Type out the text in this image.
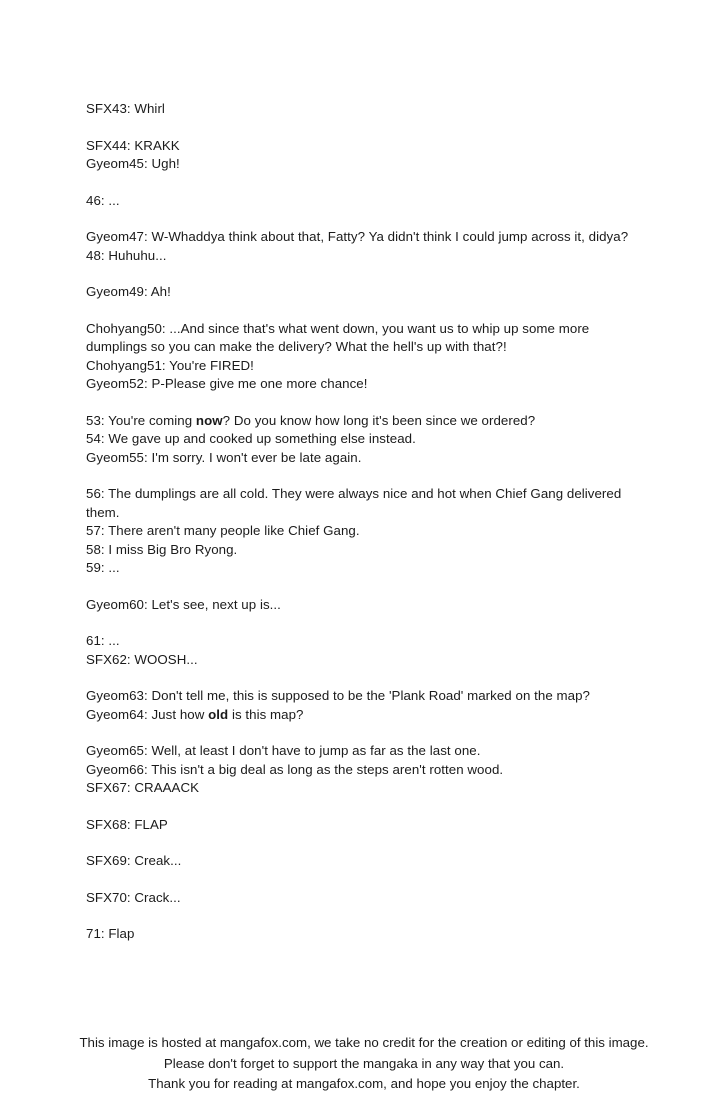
SFX43: Whirl

SFX44: KRAKK
Gyeom45: Ugh!

46: ...

Gyeom47: W-Whaddya think about that, Fatty? Ya didn't think I could jump across it, didya?
48: Huhuhu...

Gyeom49: Ah!

Chohyang50: ...And since that's what went down, you want us to whip up some more dumplings so you can make the delivery? What the hell's up with that?!
Chohyang51: You're FIRED!
Gyeom52: P-Please give me one more chance!

53: You're coming now? Do you know how long it's been since we ordered?
54: We gave up and cooked up something else instead.
Gyeom55: I'm sorry. I won't ever be late again.

56: The dumplings are all cold. They were always nice and hot when Chief Gang delivered them.
57: There aren't many people like Chief Gang.
58: I miss Big Bro Ryong.
59: ...

Gyeom60: Let's see, next up is...

61: ...
SFX62: WOOSH...

Gyeom63: Don't tell me, this is supposed to be the 'Plank Road' marked on the map?
Gyeom64: Just how old is this map?

Gyeom65: Well, at least I don't have to jump as far as the last one.
Gyeom66: This isn't a big deal as long as the steps aren't rotten wood.
SFX67: CRAAACK

SFX68: FLAP

SFX69: Creak...

SFX70: Crack...

71: Flap

This image is hosted at mangafox.com, we take no credit for the creation or editing of this image.
Please don't forget to support the mangaka in any way that you can.
Thank you for reading at mangafox.com, and hope you enjoy the chapter.
